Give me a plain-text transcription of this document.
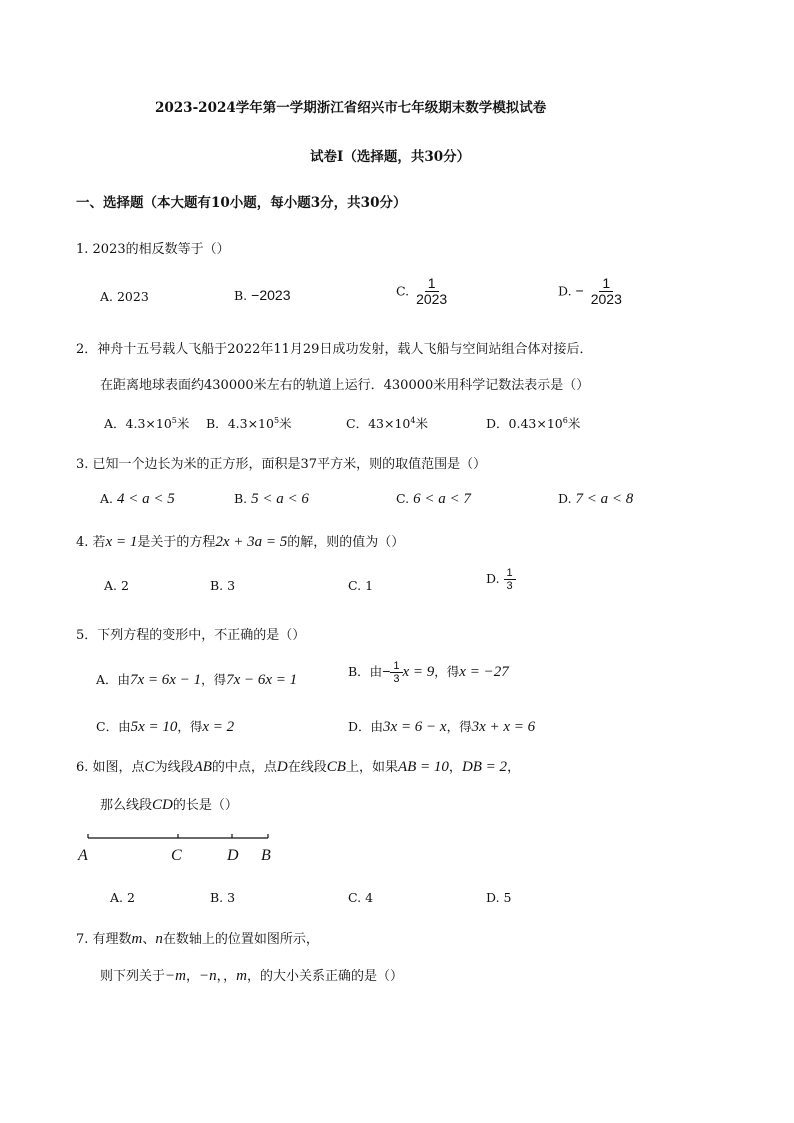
2023-2024学年第一学期浙江省绍兴市七年级期末数学模拟试卷
试卷Ⅰ（选择题，共30分）
一、选择题（本大题有10小题，每小题3分，共30分）
1. 2023的相反数等于（）
A. 2023	B. −2023	C. $\frac{1}{2023}$	D. − $\frac{1}{2023}$
2．神舟十五号载人飞船于2022年11月29日成功发射，载人飞船与空间站组合体对接后．
在距离地球表面约430000米左右的轨道上运行．430000米用科学记数法表示是（）
A．$4.3\times 10^5$米 B．$4.3\times 10^5$米	C．$43\times 10^4$米	D．$0.43\times 10^6$米
3. 已知一个边长为米的正方形，面积是37平方米，则的取值范围是（）
A. 4 < a < 5	B. 5 < a < 6	C. 6 < a < 7	D. 7 < a < 8
4. 若x = 1是关于的方程2x + 3a = 5的解，则的值为（）
A. 2	B. 3	C. 1	D. $\frac{1}{3}$
5．下列方程的变形中，不正确的是（）
A．由7x = 6x − 1，得7x − 6x = 1
B．由− $\frac{1}{3}$ x = 9，得x = −27
C．由5x = 10，得x = 2	D．由3x = 6 − x，得3x + x = 6
6. 如图，点C为线段AB的中点，点D在线段CB上，如果AB = 10，DB = 2，
那么线段CD的长是（）
A	C	D B
A. 2	B. 3	C. 4	D. 5
7. 有理数m、n在数轴上的位置如图所示，
则下列关于−m，−n，，m，的大小关系正确的是（）
